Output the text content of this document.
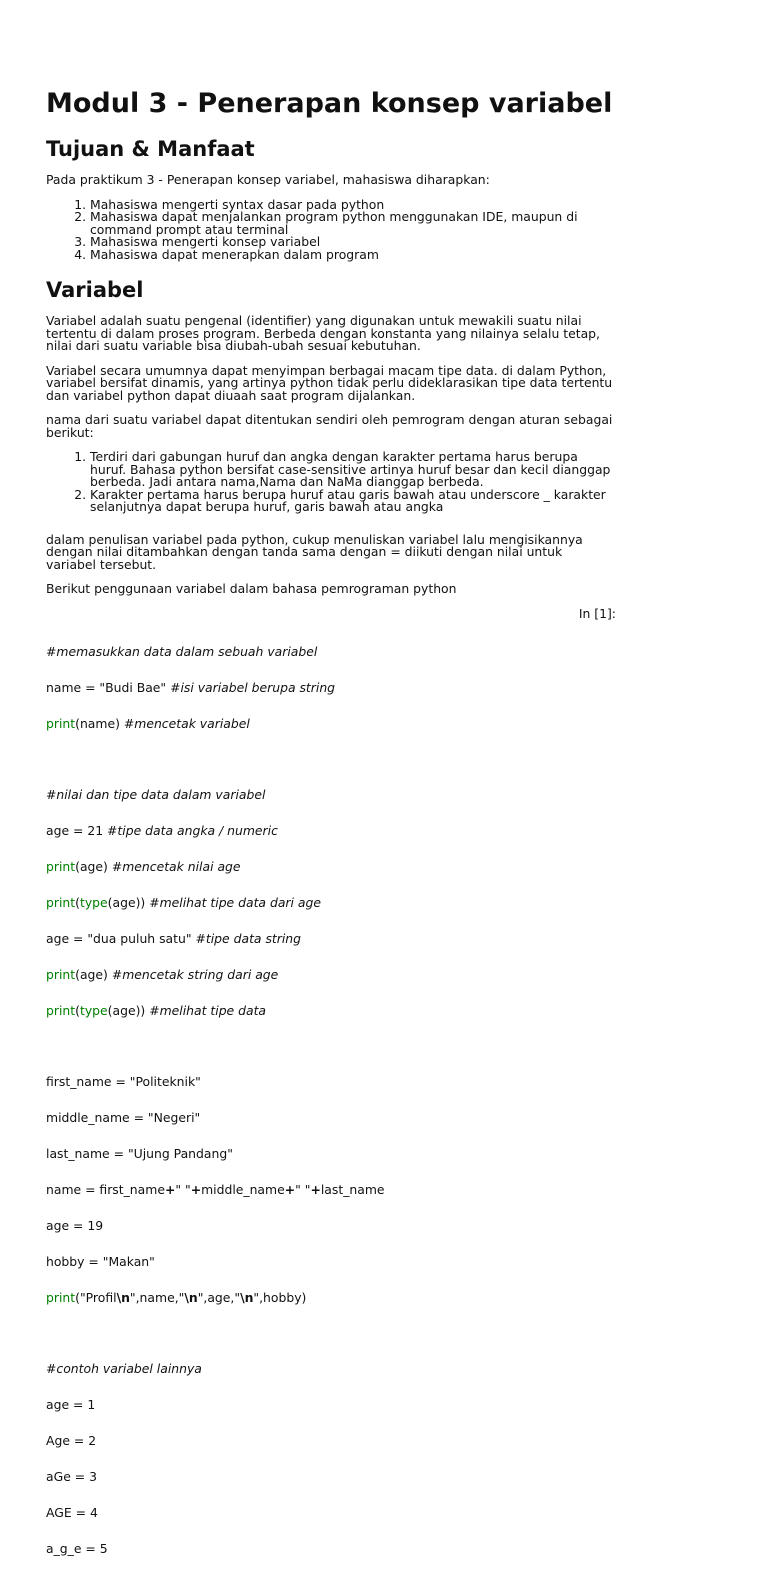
Modul 3 - Penerapan konsep variabel
Tujuan & Manfaat

Pada praktikum 3 - Penerapan konsep variabel, mahasiswa diharapkan:

1. Mahasiswa mengerti syntax dasar pada python
2. Mahasiswa dapat menjalankan program python menggunakan IDE, maupun di command prompt atau terminal
3. Mahasiswa mengerti konsep variabel
4. Mahasiswa dapat menerapkan dalam program
Variabel

Variabel adalah suatu pengenal (identifier) yang digunakan untuk mewakili suatu nilai tertentu di dalam proses program. Berbeda dengan konstanta yang nilainya selalu tetap, nilai dari suatu variable bisa diubah-ubah sesuai kebutuhan.

Variabel secara umumnya dapat menyimpan berbagai macam tipe data. di dalam Python, variabel bersifat dinamis, yang artinya python tidak perlu dideklarasikan tipe data tertentu dan variabel python dapat diuaah saat program dijalankan.

nama dari suatu variabel dapat ditentukan sendiri oleh pemrogram dengan aturan sebagai berikut:

1. Terdiri dari gabungan huruf dan angka dengan karakter pertama harus berupa huruf. Bahasa python bersifat case-sensitive artinya huruf besar dan kecil dianggap berbeda. Jadi antara nama,Nama dan NaMa dianggap berbeda.
2. Karakter pertama harus berupa huruf atau garis bawah atau underscore _ karakter selanjutnya dapat berupa huruf, garis bawah atau angka

dalam penulisan variabel pada python, cukup menuliskan variabel lalu mengisikannya dengan nilai ditambahkan dengan tanda sama dengan = diikuti dengan nilai untuk variabel tersebut.

Berikut penggunaan variabel dalam bahasa pemrograman python

In [1]:

#memasukkan data dalam sebuah variabel

name = "Budi Bae" #isi variabel berupa string

print(name) #mencetak variabel

#nilai dan tipe data dalam variabel

age = 21 #tipe data angka / numeric

print(age) #mencetak nilai age

print(type(age)) #melihat tipe data dari age

age = "dua puluh satu" #tipe data string

print(age) #mencetak string dari age

print(type(age)) #melihat tipe data

first_name = "Politeknik"

middle_name = "Negeri"

last_name = "Ujung Pandang"

name = first_name+" "+middle_name+" "+last_name

age = 19

hobby = "Makan"

print("Profil\n",name,"\n",age,"\n",hobby)

#contoh variabel lainnya

age = 1

Age = 2

aGe = 3

AGE = 4

a_g_e = 5
